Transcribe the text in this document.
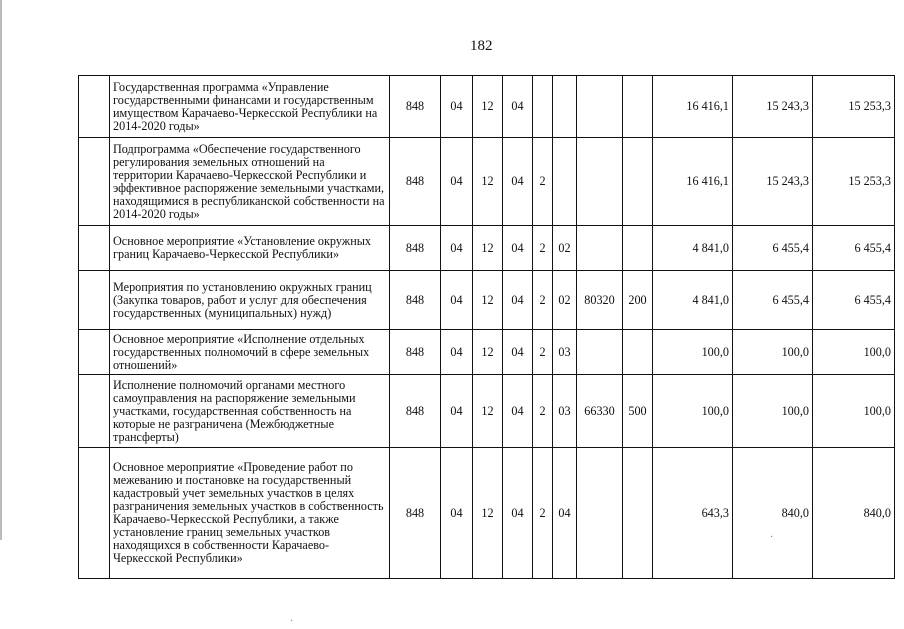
182
	Государственная программа «Управление государственными финансами и государственным имуществом Карачаево-Черкесской Республики на 2014-2020 годы»	848	04	12	04					16 416,1	15 243,3	15 253,3
	Подпрограмма «Обеспечение государственного регулирования земельных отношений на территории Карачаево-Черкесской Республики и эффективное распоряжение земельными участками, находящимися в республиканской собственности на 2014-2020 годы»	848	04	12	04	2				16 416,1	15 243,3	15 253,3
	Основное мероприятие «Установление окружных границ Карачаево-Черкесской Республики»	848	04	12	04	2	02			4 841,0	6 455,4	6 455,4
	Мероприятия по установлению окружных границ (Закупка товаров, работ и услуг для обеспечения государственных (муниципальных) нужд)	848	04	12	04	2	02	80320	200	4 841,0	6 455,4	6 455,4
	Основное мероприятие «Исполнение отдельных государственных полномочий в сфере земельных отношений»	848	04	12	04	2	03			100,0	100,0	100,0
	Исполнение полномочий органами местного самоуправления на распоряжение земельными участками, государственная собственность на которые не разграничена (Межбюджетные трансферты)	848	04	12	04	2	03	66330	500	100,0	100,0	100,0
	Основное мероприятие «Проведение работ по межеванию и постановке на государственный кадастровый учет земельных участков в целях разграничения земельных участков в собственность Карачаево-Черкесской Республики, а также установление границ земельных участков находящихся в собственности Карачаево-Черкесской Республики»	848	04	12	04	2	04			643,3	840,0	840,0
·
·
